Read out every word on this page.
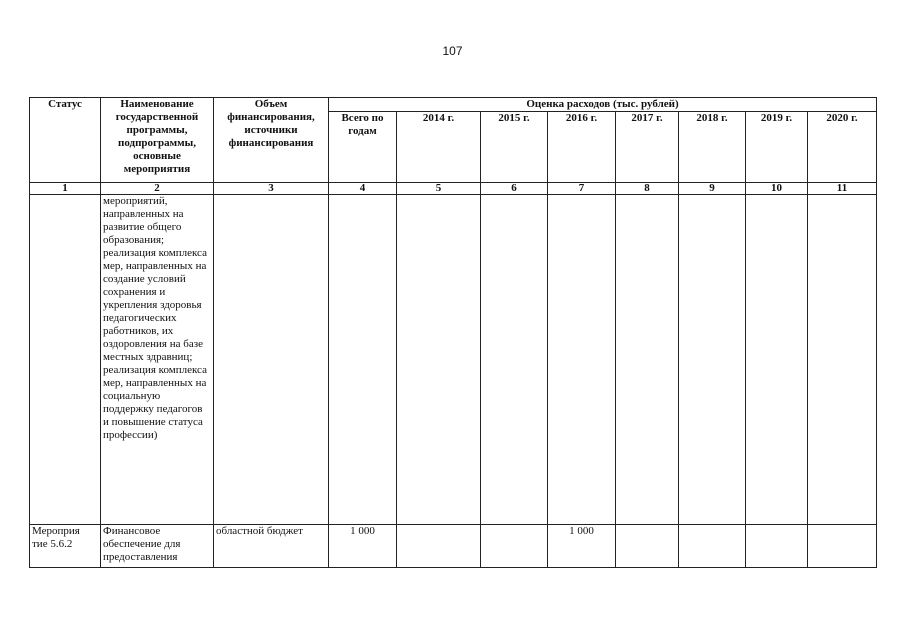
107
Статус	Наименование государственной программы, подпрограммы, основные мероприятия	Объем финансирования, источники финансирования	Оценка расходов (тыс. рублей)							
			Всего по годам	2014 г.	2015 г.	2016 г.	2017 г.	2018 г.	2019 г.	2020 г.
1	2	3	4	5	6	7	8	9	10	11
	мероприятий, направленных на развитие общего образования; реализация комплекса мер, направленных на создание условий сохранения и укрепления здоровья педагогических работников, их оздоровления на базе местных здравниц; реализация комплекса мер, направленных на социальную поддержку педагогов и повышение статуса профессии)									
Мероприя тие 5.6.2	Финансовое обеспечение для предоставления	областной бюджет	1 000			1 000				
